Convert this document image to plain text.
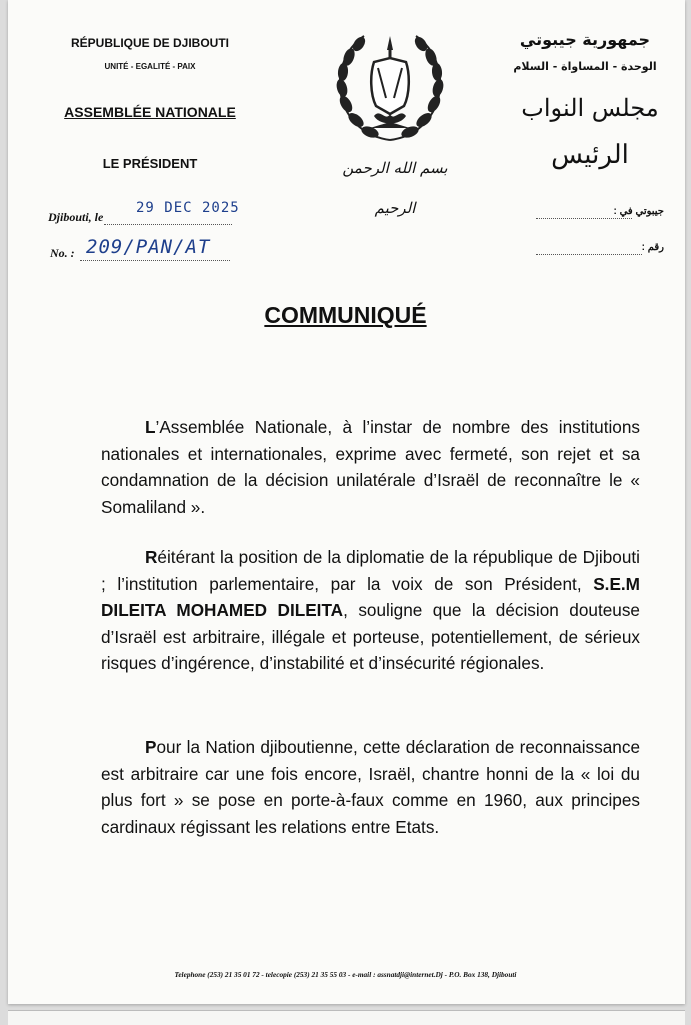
RÉPUBLIQUE DE DJIBOUTI

UNITÉ - EGALITÉ - PAIX

ASSEMBLÉE NATIONALE

LE PRÉSIDENT

Djibouti, le
29 DEC 2025
No. : 209/PAN/AT
بسم الله الرحمن الرحيم

جمهورية جيبوتي

الوحدة - المساواة - السلام

مجلس النواب

الرئيس

جيبوتي في :
رقم :

COMMUNIQUÉ

L’Assemblée Nationale, à l’instar de nombre des institutions nationales et internationales, exprime avec fermeté, son rejet et sa condamnation de la décision unilatérale d’Israël de reconnaître le « Somaliland ».

Réitérant la position de la diplomatie de la république de Djibouti ; l’institution parlementaire, par la voix de son Président, S.E.M DILEITA MOHAMED DILEITA, souligne que la décision douteuse d’Israël est arbitraire, illégale et porteuse, potentiellement, de sérieux risques d’ingérence, d’instabilité et d’insécurité régionales.

Pour la Nation djiboutienne, cette déclaration de reconnaissance est arbitraire car une fois encore, Israël, chantre honni de la « loi du plus fort » se pose en porte-à-faux comme en 1960, aux principes cardinaux régissant les relations entre Etats.

Telephone (253) 21 35 01 72 - telecopie (253) 21 35 55 03 - e-mail : assnatdji@internet.Dj - P.O. Box 138, Djibouti
